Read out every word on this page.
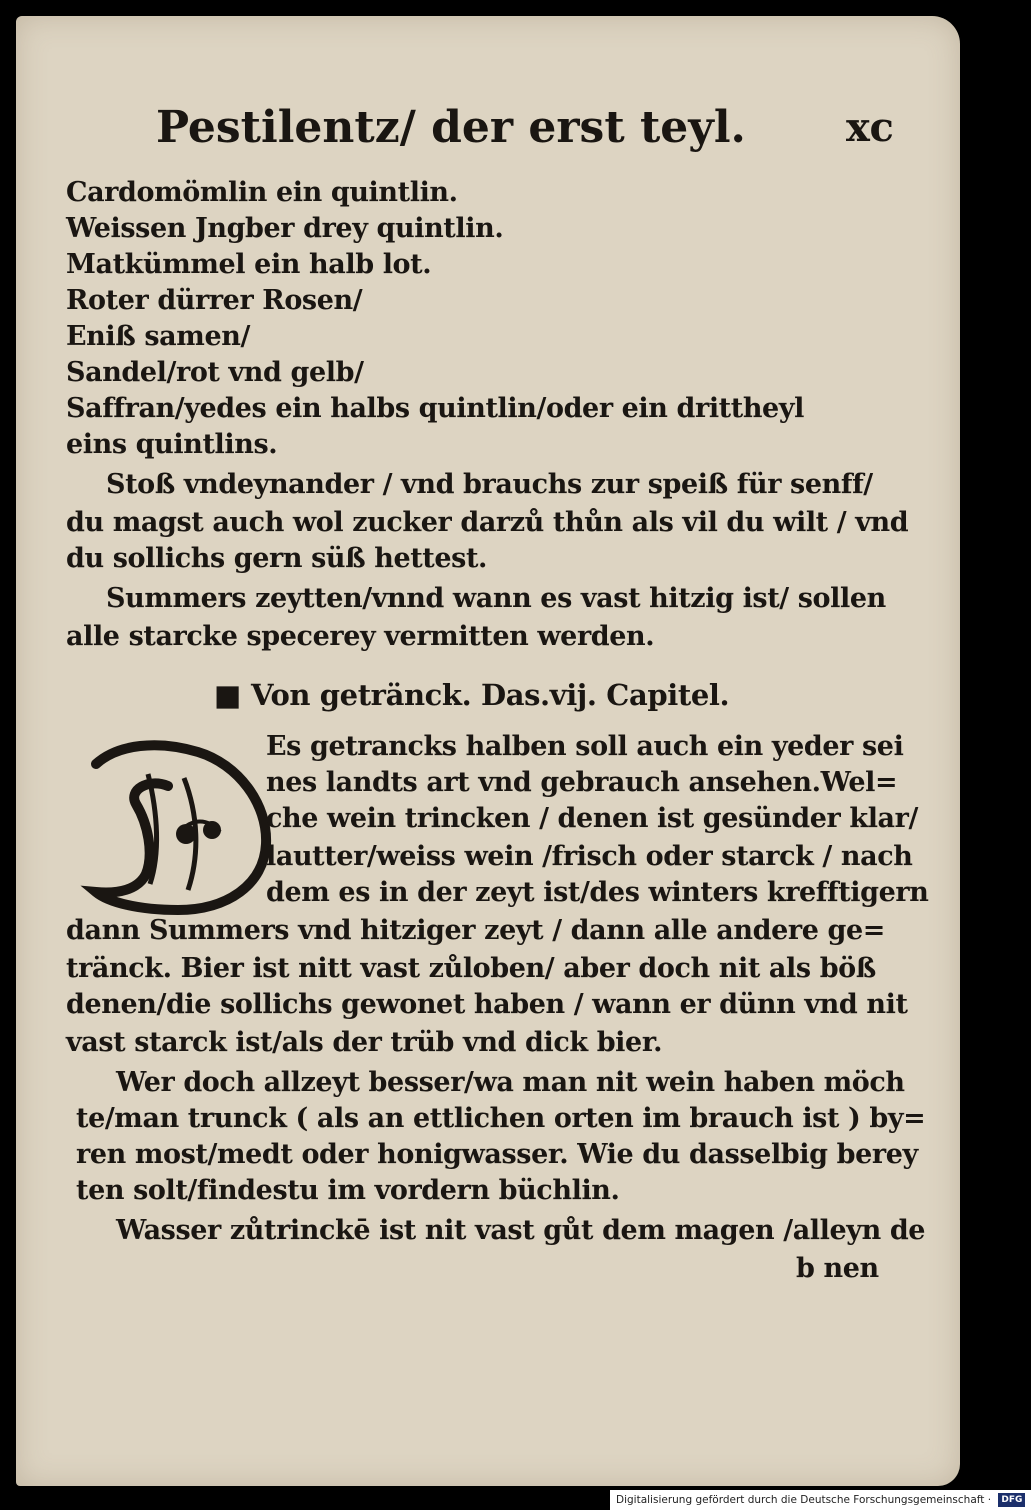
Pestilentz/ der erst teyl.	xc
Cardomömlin ein quintlin.
Weissen Jngber drey quintlin.
Matkümmel ein halb lot.
Roter dürrer Rosen/
Eniß samen/
Sandel/rot vnd gelb/
Saffran/yedes ein halbs quintlin/oder ein drittheyl
eins quintlins.
Stoß vndeynander / vnd brauchs zur speiß für senff/
du magst auch wol zucker darzů thůn als vil du wilt / vnd
du sollichs gern süß hettest.
Summers zeytten/vnnd wann es vast hitzig ist/ sollen
alle starcke specerey vermitten werden.
■ Von getränck. Das.vij. Capitel.
D
Es getrancks halben soll auch ein yeder sei
nes landts art vnd gebrauch ansehen.Wel=
che wein trincken / denen ist gesünder klar/
lautter/weiss wein /frisch oder starck / nach
dem es in der zeyt ist/des winters krefftigern
dann Summers vnd hitziger zeyt / dann alle andere ge=
tränck. Bier ist nitt vast zůloben/ aber doch nit als böß
denen/die sollichs gewonet haben / wann er dünn vnd nit
vast starck ist/als der trüb vnd dick bier.
Wer doch allzeyt besser/wa man nit wein haben möch
te/man trunck ( als an ettlichen orten im brauch ist ) by=
ren most/medt oder honigwasser. Wie du dasselbig berey
ten solt/findestu im vordern büchlin.
Wasser zůtrinckē ist nit vast gůt dem magen /alleyn de
b nen
Digitalisierung gefördert durch die Deutsche Forschungsgemeinschaft · DFG
